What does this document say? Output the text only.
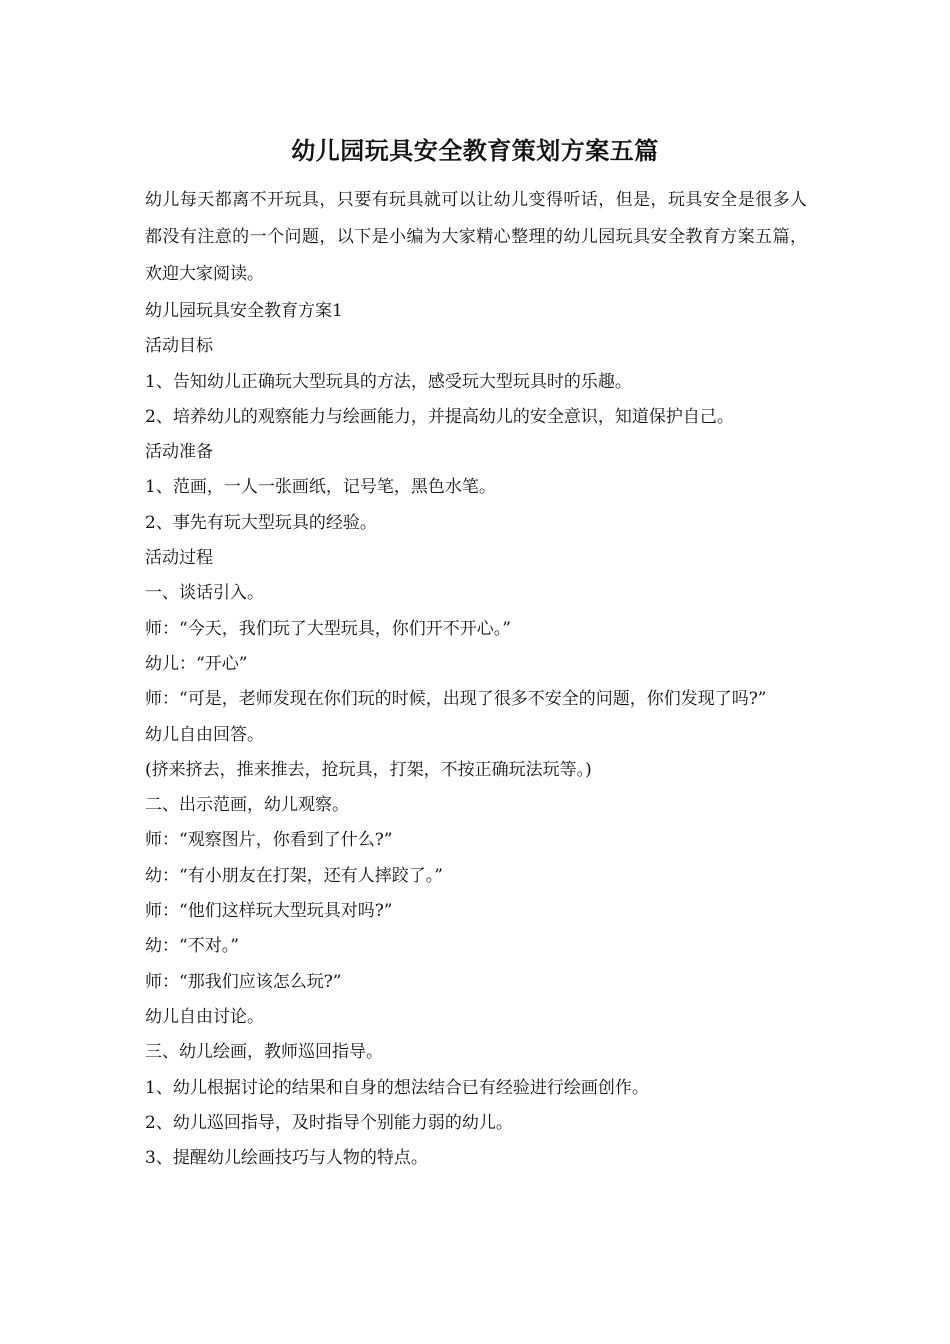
幼儿园玩具安全教育策划方案五篇

幼儿每天都离不开玩具，只要有玩具就可以让幼儿变得听话，但是，玩具安全是很多人都没有注意的一个问题，以下是小编为大家精心整理的幼儿园玩具安全教育方案五篇，欢迎大家阅读。

幼儿园玩具安全教育方案1

活动目标

1、告知幼儿正确玩大型玩具的方法，感受玩大型玩具时的乐趣。

2、培养幼儿的观察能力与绘画能力，并提高幼儿的安全意识，知道保护自己。

活动准备

1、范画，一人一张画纸，记号笔，黑色水笔。

2、事先有玩大型玩具的经验。

活动过程

一、谈话引入。

师：“今天，我们玩了大型玩具，你们开不开心。”

幼儿：“开心”

师：“可是，老师发现在你们玩的时候，出现了很多不安全的问题，你们发现了吗?”

幼儿自由回答。

(挤来挤去，推来推去，抢玩具，打架，不按正确玩法玩等。)

二、出示范画，幼儿观察。

师：“观察图片，你看到了什么?”

幼：“有小朋友在打架，还有人摔跤了。”

师：“他们这样玩大型玩具对吗?”

幼：“不对。”

师：“那我们应该怎么玩?”

幼儿自由讨论。

三、幼儿绘画，教师巡回指导。

1、幼儿根据讨论的结果和自身的想法结合已有经验进行绘画创作。

2、幼儿巡回指导，及时指导个别能力弱的幼儿。

3、提醒幼儿绘画技巧与人物的特点。
